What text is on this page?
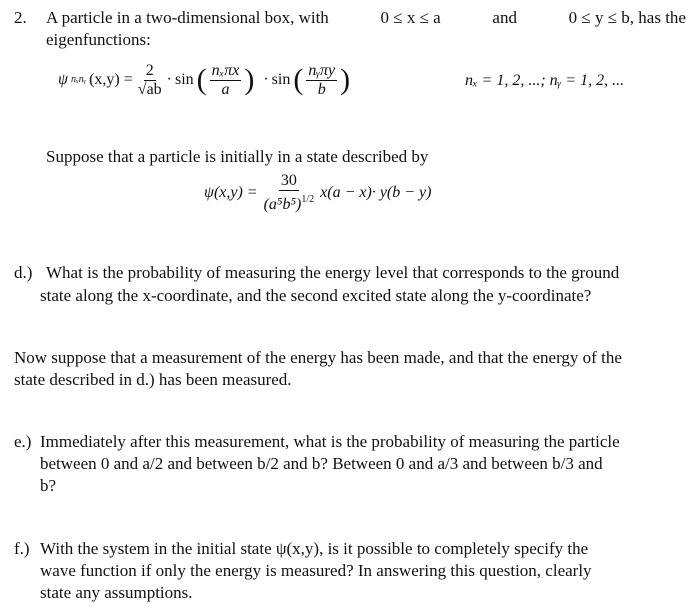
2. A particle in a two-dimensional box, with	0 ≤ x ≤ a	and	0 ≤ y ≤ b, has the
eigenfunctions:
ψ nₓnᵧ $(x,y) = \frac{2}{√ab} \cdot \sin$ ( $\frac{\text{nₓπx}}{a}$ ) · sin ( $\frac{\text{nᵧπy}}{b}$ )	nₓ = 1, 2, ...; nᵧ = 1, 2, ...
Suppose that a particle is initially in a state described by
$\psi(x,y) = \frac{30}{(a^5b^5)^{1/2}} x(a - x)\cdot y(b - y)$
d.) What is the probability of measuring the energy level that corresponds to the ground
state along the x-coordinate, and the second excited state along the y-coordinate?
Now suppose that a measurement of the energy has been made, and that the energy of the
state described in d.) has been measured.
e.) Immediately after this measurement, what is the probability of measuring the particle
between 0 and a/2 and between b/2 and b? Between 0 and a/3 and between b/3 and
b?
f.) With the system in the initial state ψ(x,y), is it possible to completely specify the
wave function if only the energy is measured? In answering this question, clearly
state any assumptions.
